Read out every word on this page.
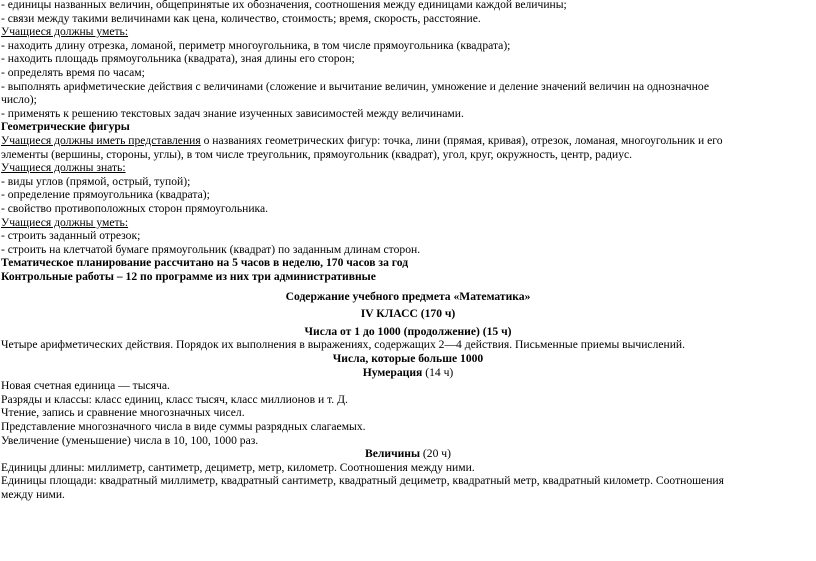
- единицы названных величин, общепринятые их обозначения, соотношения между единицами каждой величины;
- связи между такими величинами как цена, количество, стоимость; время, скорость, расстояние.
Учащиеся должны уметь:
- находить длину отрезка, ломаной, периметр многоугольника, в том числе прямоугольника (квадрата);
- находить площадь прямоугольника (квадрата), зная длины его сторон;
- определять время по часам;
- выполнять арифметические действия с величинами (сложение и вычитание величин, умножение и деление значений величин на однозначное
число);
- применять к решению текстовых задач знание изученных зависимостей между величинами.
Геометрические фигуры
Учащиеся должны иметь представления о названиях геометрических фигур: точка, лини (прямая, кривая), отрезок, ломаная, многоугольник и его
элементы (вершины, стороны, углы), в том числе треугольник, прямоугольник (квадрат), угол, круг, окружность, центр, радиус.
Учащиеся должны знать:
- виды углов (прямой, острый, тупой);
- определение прямоугольника (квадрата);
- свойство противоположных сторон прямоугольника.
Учащиеся должны уметь:
- строить заданный отрезок;
- строить на клетчатой бумаге прямоугольник (квадрат) по заданным длинам сторон.
Тематическое планирование рассчитано на 5 часов в неделю, 170 часов за год
Контрольные работы – 12 по программе из них три административные
Содержание учебного предмета «Математика»
IV КЛАСС (170 ч)
Числа от 1 до 1000 (продолжение) (15 ч)
Четыре арифметических действия. Порядок их выполнения в выражениях, содержащих 2—4 действия. Письменные приемы вычислений.
Числа, которые больше 1000
Нумерация (14 ч)
Новая счетная единица — тысяча.
Разряды и классы: класс единиц, класс тысяч, класс миллионов и т. Д.
Чтение, запись и сравнение многозначных чисел.
Представление многозначного числа в виде суммы разрядных слагаемых.
Увеличение (уменьшение) числа в 10, 100, 1000 раз.
Величины (20 ч)
Единицы длины: миллиметр, сантиметр, дециметр, метр, километр. Соотношения между ними.
Единицы площади: квадратный миллиметр, квадратный сантиметр, квадратный дециметр, квадратный метр, квадратный километр. Соотношения
между ними.
